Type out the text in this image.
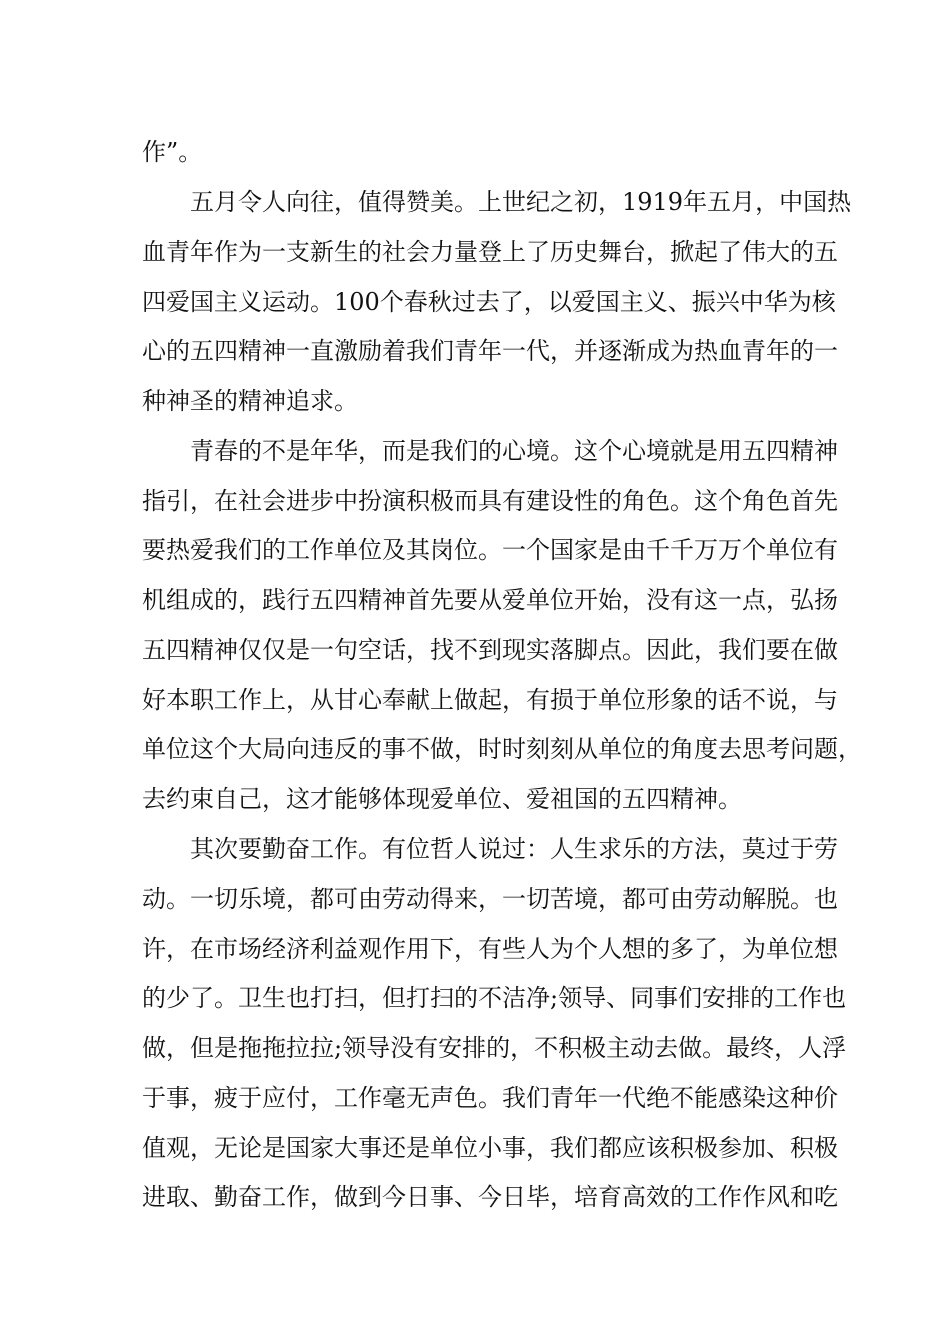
作”。
五月令人向往，值得赞美。上世纪之初，1919年五月，中国热
血青年作为一支新生的社会力量登上了历史舞台，掀起了伟大的五
四爱国主义运动。100个春秋过去了，以爱国主义、振兴中华为核
心的五四精神一直激励着我们青年一代，并逐渐成为热血青年的一
种神圣的精神追求。
青春的不是年华，而是我们的心境。这个心境就是用五四精神
指引，在社会进步中扮演积极而具有建设性的角色。这个角色首先
要热爱我们的工作单位及其岗位。一个国家是由千千万万个单位有
机组成的，践行五四精神首先要从爱单位开始，没有这一点，弘扬
五四精神仅仅是一句空话，找不到现实落脚点。因此，我们要在做
好本职工作上，从甘心奉献上做起，有损于单位形象的话不说，与
单位这个大局向违反的事不做，时时刻刻从单位的角度去思考问题，
去约束自己，这才能够体现爱单位、爱祖国的五四精神。
其次要勤奋工作。有位哲人说过：人生求乐的方法，莫过于劳
动。一切乐境，都可由劳动得来，一切苦境，都可由劳动解脱。也
许，在市场经济利益观作用下，有些人为个人想的多了，为单位想
的少了。卫生也打扫，但打扫的不洁净;领导、同事们安排的工作也
做，但是拖拖拉拉;领导没有安排的，不积极主动去做。最终，人浮
于事，疲于应付，工作毫无声色。我们青年一代绝不能感染这种价
值观，无论是国家大事还是单位小事，我们都应该积极参加、积极
进取、勤奋工作，做到今日事、今日毕，培育高效的工作作风和吃
